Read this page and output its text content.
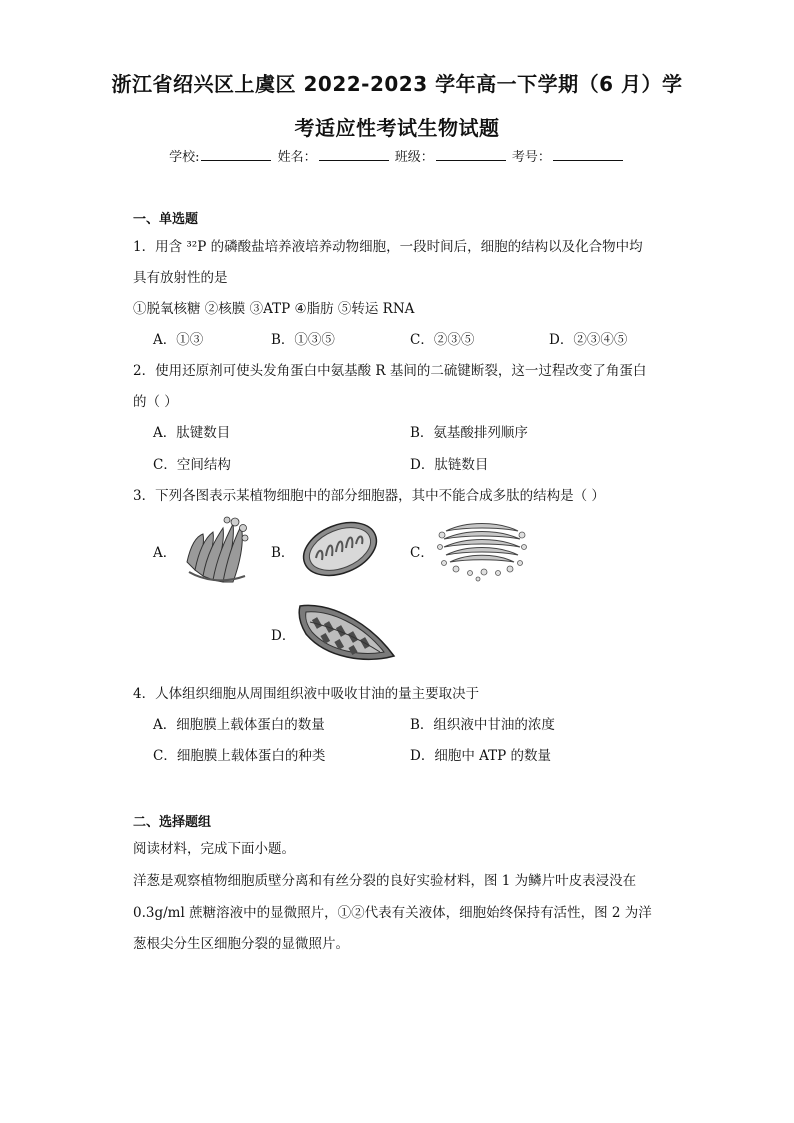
浙江省绍兴区上虞区 2022-2023 学年高一下学期（6 月）学
考适应性考试生物试题
学校:	姓名：	班级：	考号：
一、单选题
1．用含 ³²P 的磷酸盐培养液培养动物细胞，一段时间后，细胞的结构以及化合物中均
具有放射性的是
①脱氧核糖 ②核膜 ③ATP ④脂肪 ⑤转运 RNA
A．①③	B．①③⑤	C．②③⑤	D．②③④⑤
2．使用还原剂可使头发角蛋白中氨基酸 R 基间的二硫键断裂，这一过程改变了角蛋白
的（ ）
A．肽键数目	B．氨基酸排列顺序
C．空间结构	D．肽链数目
3．下列各图表示某植物细胞中的部分细胞器，其中不能合成多肽的结构是（ ）
A．	B．	C．
D．
4．人体组织细胞从周围组织液中吸收甘油的量主要取决于
A．细胞膜上载体蛋白的数量	B．组织液中甘油的浓度
C．细胞膜上载体蛋白的种类	D．细胞中 ATP 的数量
二、选择题组
阅读材料，完成下面小题。
洋葱是观察植物细胞质壁分离和有丝分裂的良好实验材料，图 1 为鳞片叶皮表浸没在
0.3g/ml 蔗糖溶液中的显微照片，①②代表有关液体，细胞始终保持有活性，图 2 为洋
葱根尖分生区细胞分裂的显微照片。
